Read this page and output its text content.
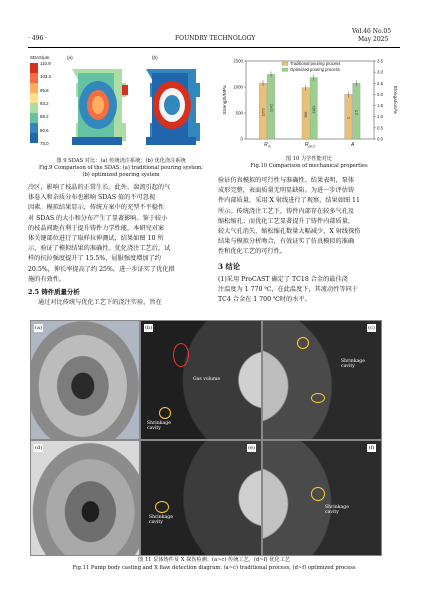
· 496 ·	FOUNDRY TECHNOLOGY
Vol.46 No.05
May 2025
SDAS/μm	(a)	(b)
110.9
103.3
95.8
93.2
88.2
80.6
73.0
图 9 SDAS 对比：(a) 传统浇注系统；(b) 优化浇注系统
Fig.9 Comparison of the SDAS: (a) traditional pouring system;
(b) optimized pouring system
冷区，影响了枝晶的正常生长。此外，湍流引起的气
体卷入和杂质分布也影响 SDAS 值的不可忽视
因素。模拟结果显示，传统方案中的充型不平稳性
对 SDAS 的大小和分布产生了显著影响。鉴于较小
的枝晶间距有利于提升铸件力学性能，本研究对案
体关键部位进行了取样拉伸测试，结果如图 10 所
示，验证了模拟结果的准确性。优化浇注工艺后，试
样的抗拉强度提升了 15.5%，屈服强度增加了约
20.5%，伸长率提高了约 25%，进一步证实了优化措
施的有效性。
2.5 铸件质量分析
通过对比传统与优化工艺下的浇注实验，旨在
0
500
1000
1500
0.0
0.5
1.0
1.5
2.0
2.5
3.0
3.5
Strength/MPa	Elongation/%
1075
1242
$R_m$
986
1181
$R_{p0.2}$
2
2.5
A
Traditional pouring process
Optimized pouring process
图 10 力学性能对比
Fig.10 Comparison of mechanical properties
验证仿真模拟的可行性与准确性。结果表明，泵体
成形完整，表面质量无明显缺陷。为进一步评估铸
件内部质量，采用 X 射线进行了观察，结果如图 11
所示。传统浇注工艺下，铸件内部存在较多气孔及
缩松缩孔；而优化工艺显著提升了铸件内部质量，
较大气孔消失，缩松缩孔数量大幅减少，X 射线探伤
结果与模拟分析吻合，有效证实了仿真模拟的准确
性和优化工艺的可行性。
3 结论
(1)采用 ProCAST 确定了 TC18 合金的最佳浇
注温度为 1 770 ℃，在此温度下，其流动性等同于
TC4 合金在 1 700 ℃时的水平。
(a)	(b)
Gas volume
Shrinkage cavity
(c)
Shrinkage cavity
(d)	(e)
Shrinkage cavity
(f)
Shrinkage cavity
图 11 泵体铸件及 X 探伤检测：(a~c) 传统工艺，(d~f) 优化工艺
Fig.11 Pump body casting and X flaw detection diagram: (a~c) traditional process; (d~f) optimized process
